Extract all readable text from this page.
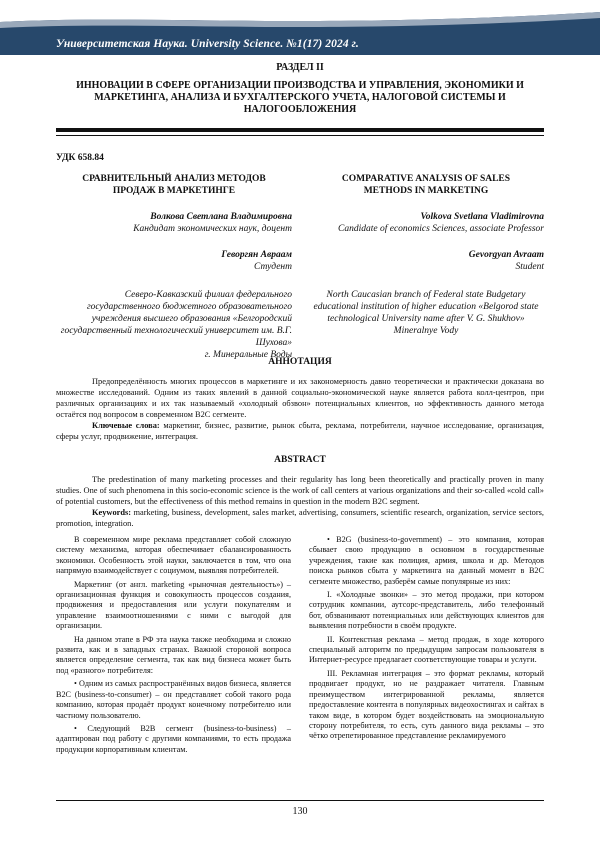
Университетская Наука. University Science. №1(17) 2024 г.
РАЗДЕЛ II
ИННОВАЦИИ В СФЕРЕ ОРГАНИЗАЦИИ ПРОИЗВОДСТВА И УПРАВЛЕНИЯ, ЭКОНОМИКИ И МАРКЕТИНГА, АНАЛИЗА И БУХГАЛТЕРСКОГО УЧЕТА, НАЛОГОВОЙ СИСТЕМЫ И НАЛОГООБЛОЖЕНИЯ
УДК 658.84
СРАВНИТЕЛЬНЫЙ АНАЛИЗ МЕТОДОВ
ПРОДАЖ В МАРКЕТИНГЕ
Волкова Светлана Владимировна
Кандидат экономических наук, доцент
Геворгян Авраам
Студент
Северо-Кавказский филиал федерального государственного бюджетного образовательного учреждения высшего образования «Белгородский государственный технологический университет им. В.Г. Шухова»
г. Минеральные Воды
COMPARATIVE ANALYSIS OF SALES
METHODS IN MARKETING
Volkova Svetlana Vladimirovna
Candidate of economics Sciences, associate Professor
Gevorgyan Avraam
Student
North Caucasian branch of Federal state Budgetary educational institution of higher education «Belgorod state technological University name after V. G. Shukhov»
Mineralnye Vody
АННОТАЦИЯ

Предопределённость многих процессов в маркетинге и их закономерность давно теоретически и практически доказана во множестве исследований. Одним из таких явлений в данной социально-экономической науке является работа колл-центров, при различных организациях и их так называемый «холодный обзвон» потенциальных клиентов, но эффективность данного метода остаётся под вопросом в современном B2C сегменте.

Ключевые слова: маркетинг, бизнес, развитие, рынок сбыта, реклама, потребители, научное исследование, организация, сферы услуг, продвижение, интеграция.

ABSTRACT

The predestination of many marketing processes and their regularity has long been theoretically and practically proven in many studies. One of such phenomena in this socio-economic science is the work of call centers at various organizations and their so-called «cold call» of potential customers, but the effectiveness of this method remains in question in the modern B2C segment.

Keywords: marketing, business, development, sales market, advertising, consumers, scientific research, organization, service sectors, promotion, integration.

В современном мире реклама представляет собой сложную систему механизма, которая обеспечивает сбалансированность экономики. Особенность этой науки, заключается в том, что она напрямую взаимодействует с социумом, выявляя потребителей.

Маркетинг (от англ. marketing «рыночная деятельность») – организационная функция и совокупность процессов создания, продвижения и предоставления или услуги покупателям и управление взаимоотношениями с ними с выгодой для организации.

На данном этапе в РФ эта наука также необходима и сложно развита, как и в западных странах. Важной стороной вопроса является определение сегмента, так как вид бизнеса может быть под «разного» потребителя:

• Одним из самых распространённых видов бизнеса, является B2C (business-to-consumer) – он представляет собой такого рода компанию, которая продаёт продукт конечному потребителю или частному пользователю.

• Следующий B2B сегмент (business-to-business) – адаптирован под работу с другими компаниями, то есть продажа продукции корпоративным клиентам.

• B2G (business-to-government) – это компания, которая сбывает свою продукцию в основном в государственные учреждения, такие как полиция, армия, школа и др. Методов поиска рынков сбыта у маркетинга на данный момент в B2C сегменте множество, разберём самые популярные из них:

I. «Холодные звонки» – это метод продажи, при котором сотрудник компании, аутсорс-представитель, либо телефонный бот, обзванивают потенциальных или действующих клиентов для выявления потребности в своём продукте.

II. Контекстная реклама – метод продаж, в ходе которого специальный алгоритм по предыдущим запросам пользователя в Интернет-ресурсе предлагает соответствующие товары и услуги.

III. Рекламная интеграция – это формат рекламы, который продвигает продукт, но не раздражает читателя. Главным преимуществом интегрированной рекламы, является предоставление контента в популярных видеохостингах и сайтах в таком виде, в котором будет воздействовать на эмоциональную сторону потребителя, то есть, суть данного вида рекламы – это чётко отрепетированное представление рекламируемого

130
